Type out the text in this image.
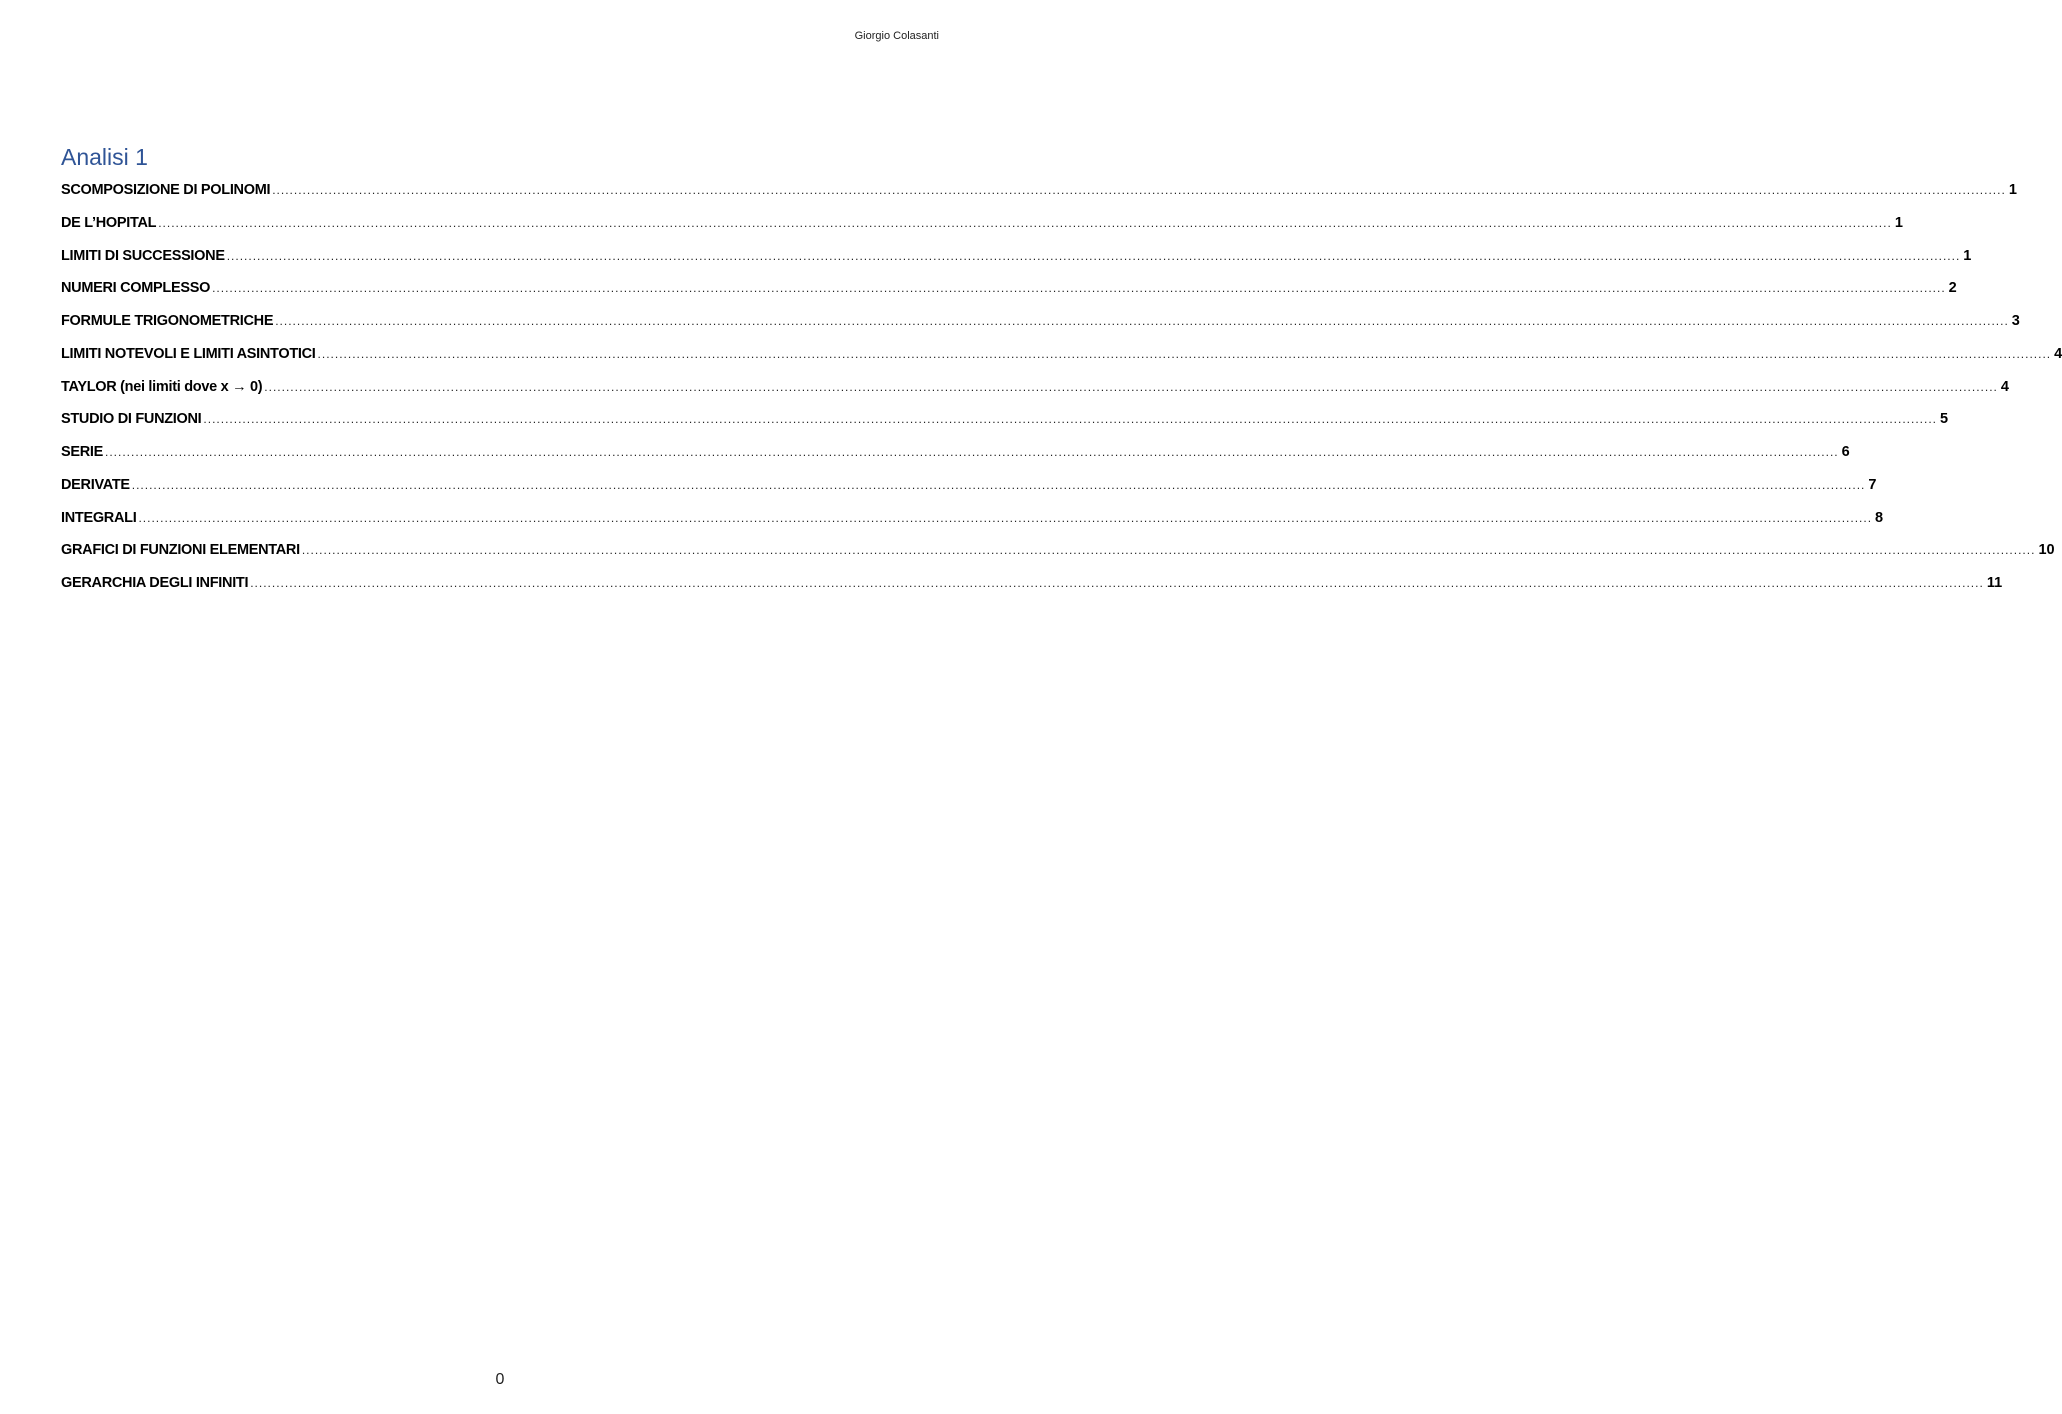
Giorgio Colasanti
Analisi 1
SCOMPOSIZIONE DI POLINOMI ................................................................................................................................................................................................................................................................................................................................................................................................................ 1
DE L’HOPITAL ................................................................................................................................................................................................................................................................................................................................................................................................................ 1
LIMITI DI SUCCESSIONE ................................................................................................................................................................................................................................................................................................................................................................................................................ 1
NUMERI COMPLESSO ................................................................................................................................................................................................................................................................................................................................................................................................................ 2
FORMULE TRIGONOMETRICHE ................................................................................................................................................................................................................................................................................................................................................................................................................ 3
LIMITI NOTEVOLI E LIMITI ASINTOTICI ................................................................................................................................................................................................................................................................................................................................................................................................................ 4
TAYLOR (nei limiti dove x → 0) ................................................................................................................................................................................................................................................................................................................................................................................................................ 4
STUDIO DI FUNZIONI ................................................................................................................................................................................................................................................................................................................................................................................................................ 5
SERIE ................................................................................................................................................................................................................................................................................................................................................................................................................ 6
DERIVATE ................................................................................................................................................................................................................................................................................................................................................................................................................ 7
INTEGRALI ................................................................................................................................................................................................................................................................................................................................................................................................................ 8
GRAFICI DI FUNZIONI ELEMENTARI ................................................................................................................................................................................................................................................................................................................................................................................................................ 10
GERARCHIA DEGLI INFINITI ................................................................................................................................................................................................................................................................................................................................................................................................................ 11
0
